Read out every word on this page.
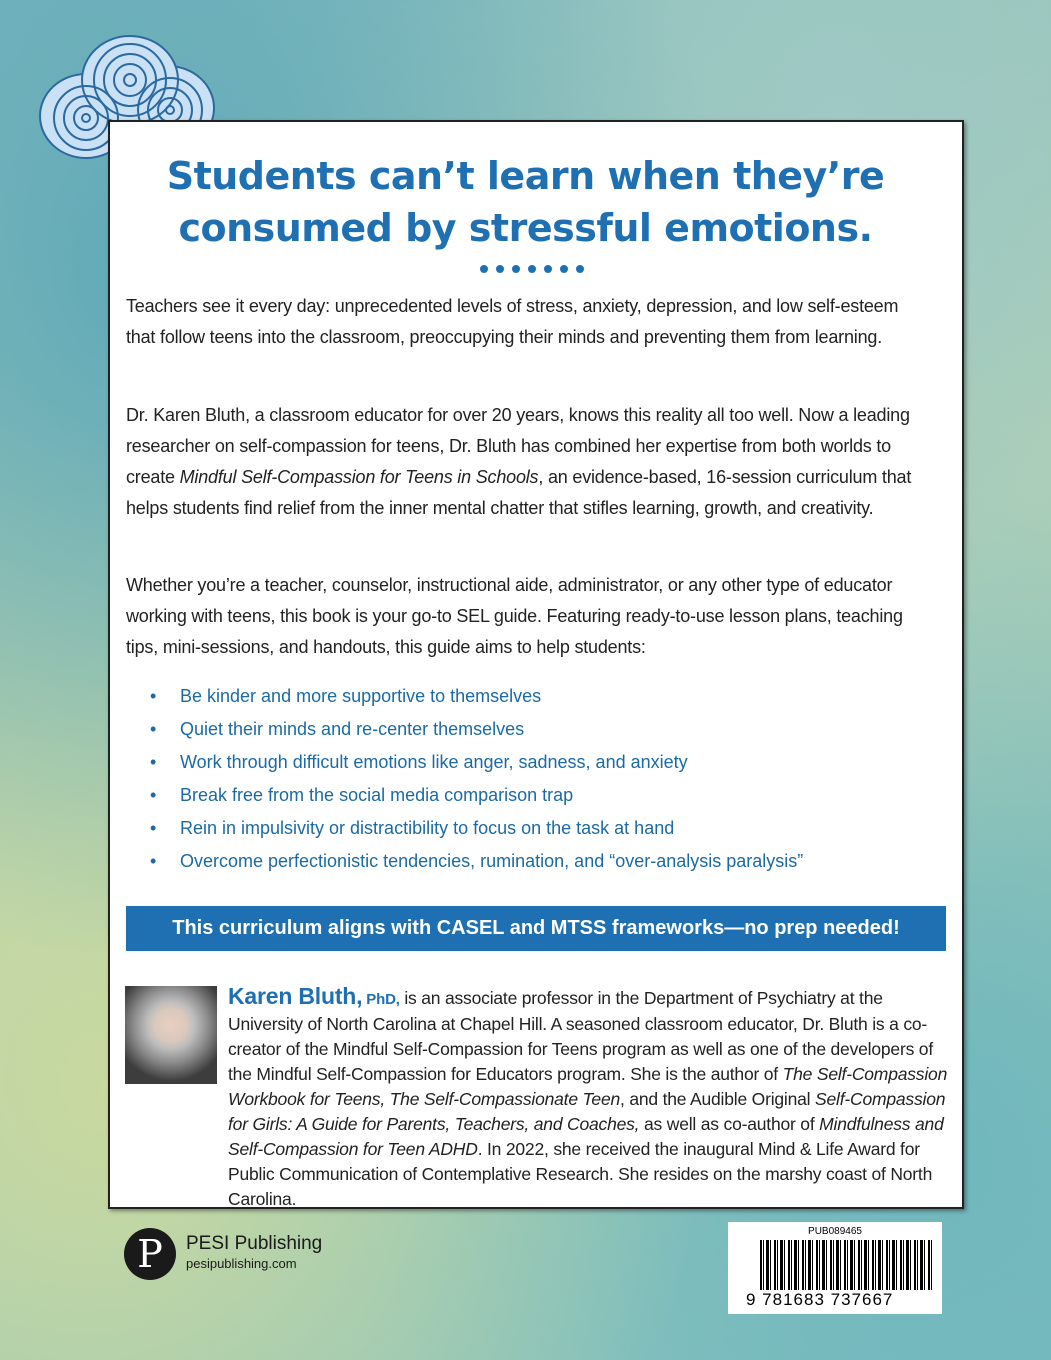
Students can’t learn when they’re
consumed by stressful emotions.

Teachers see it every day: unprecedented levels of stress, anxiety, depression, and low self-esteem that follow teens into the classroom, preoccupying their minds and preventing them from learning.

Dr. Karen Bluth, a classroom educator for over 20 years, knows this reality all too well. Now a leading researcher on self-compassion for teens, Dr. Bluth has combined her expertise from both worlds to create Mindful Self-Compassion for Teens in Schools, an evidence-based, 16-session curriculum that helps students find relief from the inner mental chatter that stifles learning, growth, and creativity.

Whether you’re a teacher, counselor, instructional aide, administrator, or any other type of educator working with teens, this book is your go-to SEL guide. Featuring ready-to-use lesson plans, teaching tips, mini-sessions, and handouts, this guide aims to help students:

• Be kinder and more supportive to themselves
• Quiet their minds and re-center themselves
• Work through difficult emotions like anger, sadness, and anxiety
• Break free from the social media comparison trap
• Rein in impulsivity or distractibility to focus on the task at hand
• Overcome perfectionistic tendencies, rumination, and “over-analysis paralysis”
This curriculum aligns with CASEL and MTSS frameworks—no prep needed!
Karen Bluth, PhD, is an associate professor in the Department of Psychiatry at the University of North Carolina at Chapel Hill. A seasoned classroom educator, Dr. Bluth is a co-creator of the Mindful Self-Compassion for Teens program as well as one of the developers of the Mindful Self-Compassion for Educators program. She is the author of The Self-Compassion Workbook for Teens, The Self-Compassionate Teen, and the Audible Original Self-Compassion for Girls: A Guide for Parents, Teachers, and Coaches, as well as co-author of Mindfulness and Self-Compassion for Teen ADHD. In 2022, she received the inaugural Mind & Life Award for Public Communication of Contemplative Research. She resides on the marshy coast of North Carolina.
P	PESI Publishing
pesipublishing.com
PUB089465
9 781683 737667
